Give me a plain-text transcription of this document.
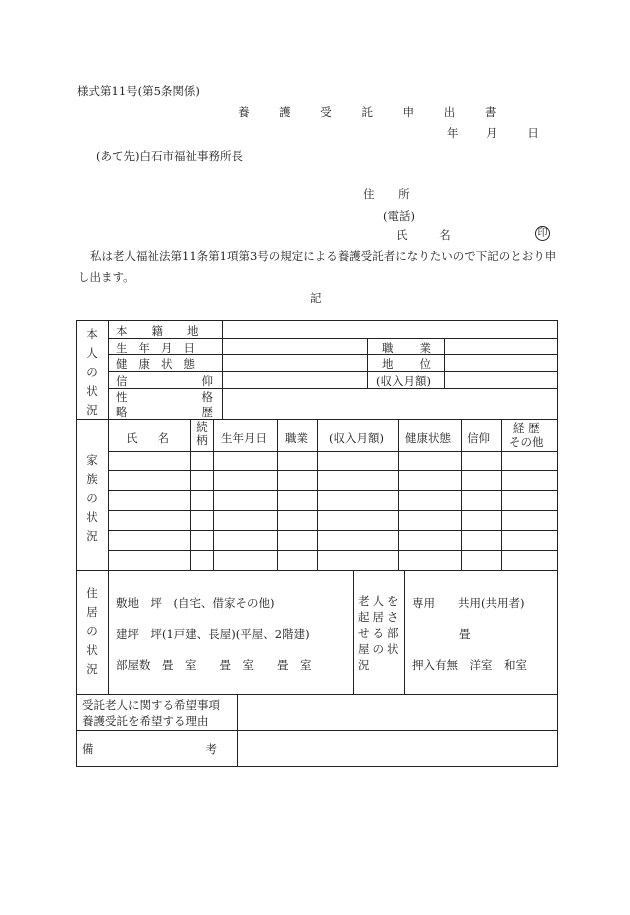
様式第11号(第5条関係)
養 護 受 託 申 出 書
年 月	日
(あて先)白石市福祉事務所長
住 所
(電話)
氏 名	印
私は老人福祉法第11条第1項第3号の規定による養護受託者になりたいので下記のとおり申し出ます。
記
本人の状況
家族の状況
住居の状況
本籍地
生年月日
健康状態
信仰
性格
略歴
職業
地位
(収入月額)
氏名
続柄 生年月日 職業 (収入月額) 健康状態 信仰
経 歴
その他
敷地　坪　(自宅、借家その他)
建坪　坪(1戸建、長屋)(平屋、2階建)
部屋数　畳　室　　畳　室　　畳　室
老人を起居させる部屋の状況
専用　　共用(共用者)
畳
押入有無　洋室　和室
受託老人に関する希望事項
養護受託を希望する理由
備考
